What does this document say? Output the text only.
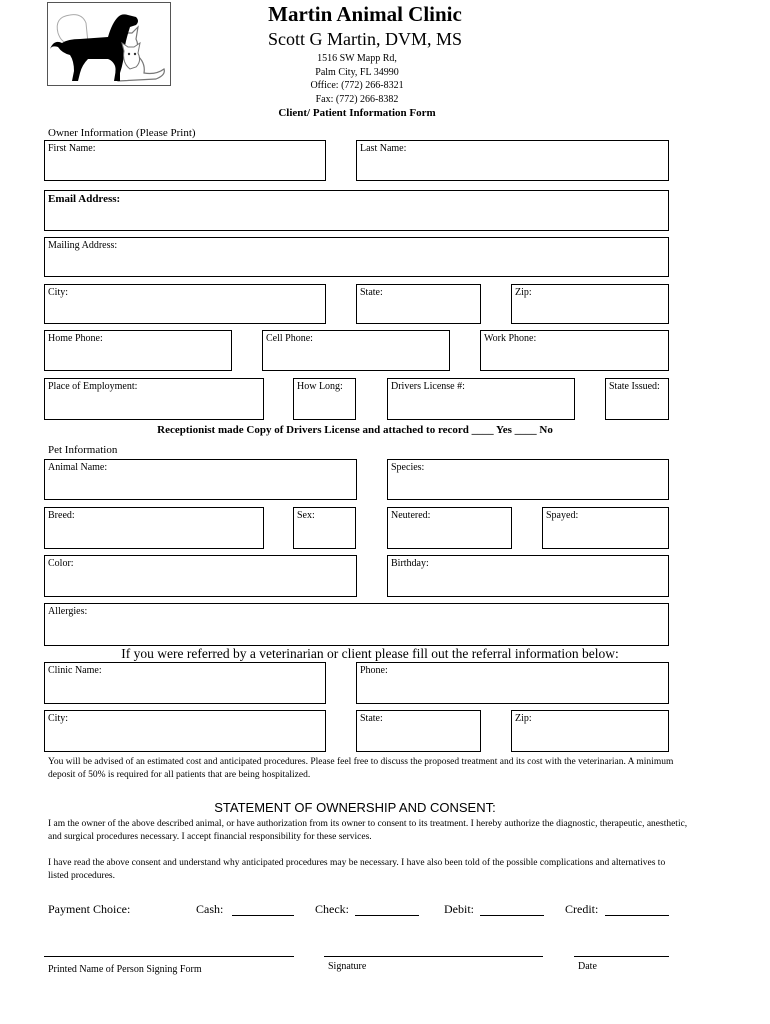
Martin Animal Clinic
Scott G Martin, DVM, MS
1516 SW Mapp Rd,
Palm City, FL 34990
Office: (772) 266-8321
Fax: (772) 266-8382
Client/ Patient Information Form
Owner Information (Please Print)
First Name:	Last Name:
Email Address:
Mailing Address:
City:	State:	Zip:
Home Phone:	Cell Phone:	Work Phone:
Place of Employment:	How Long:	Drivers License #:	State Issued:
Receptionist made Copy of Drivers License and attached to record ____ Yes ____ No
Pet Information
Animal Name:	Species:
Breed:	Sex:	Neutered:	Spayed:
Color:	Birthday:
Allergies:
If you were referred by a veterinarian or client please fill out the referral information below:
Clinic Name:	Phone:
City:	State:	Zip:
You will be advised of an estimated cost and anticipated procedures. Please feel free to discuss the proposed treatment and its cost with the veterinarian. A minimum deposit of 50% is required for all patients that are being hospitalized.
STATEMENT OF OWNERSHIP AND CONSENT:
I am the owner of the above described animal, or have authorization from its owner to consent to its treatment. I hereby authorize the diagnostic, therapeutic, anesthetic, and surgical procedures necessary. I accept financial responsibility for these services.
I have read the above consent and understand why anticipated procedures may be necessary. I have also been told of the possible complications and alternatives to listed procedures.
Payment Choice:	Cash:	Check:	Debit:	Credit:
Printed Name of Person Signing Form	Signature	Date
